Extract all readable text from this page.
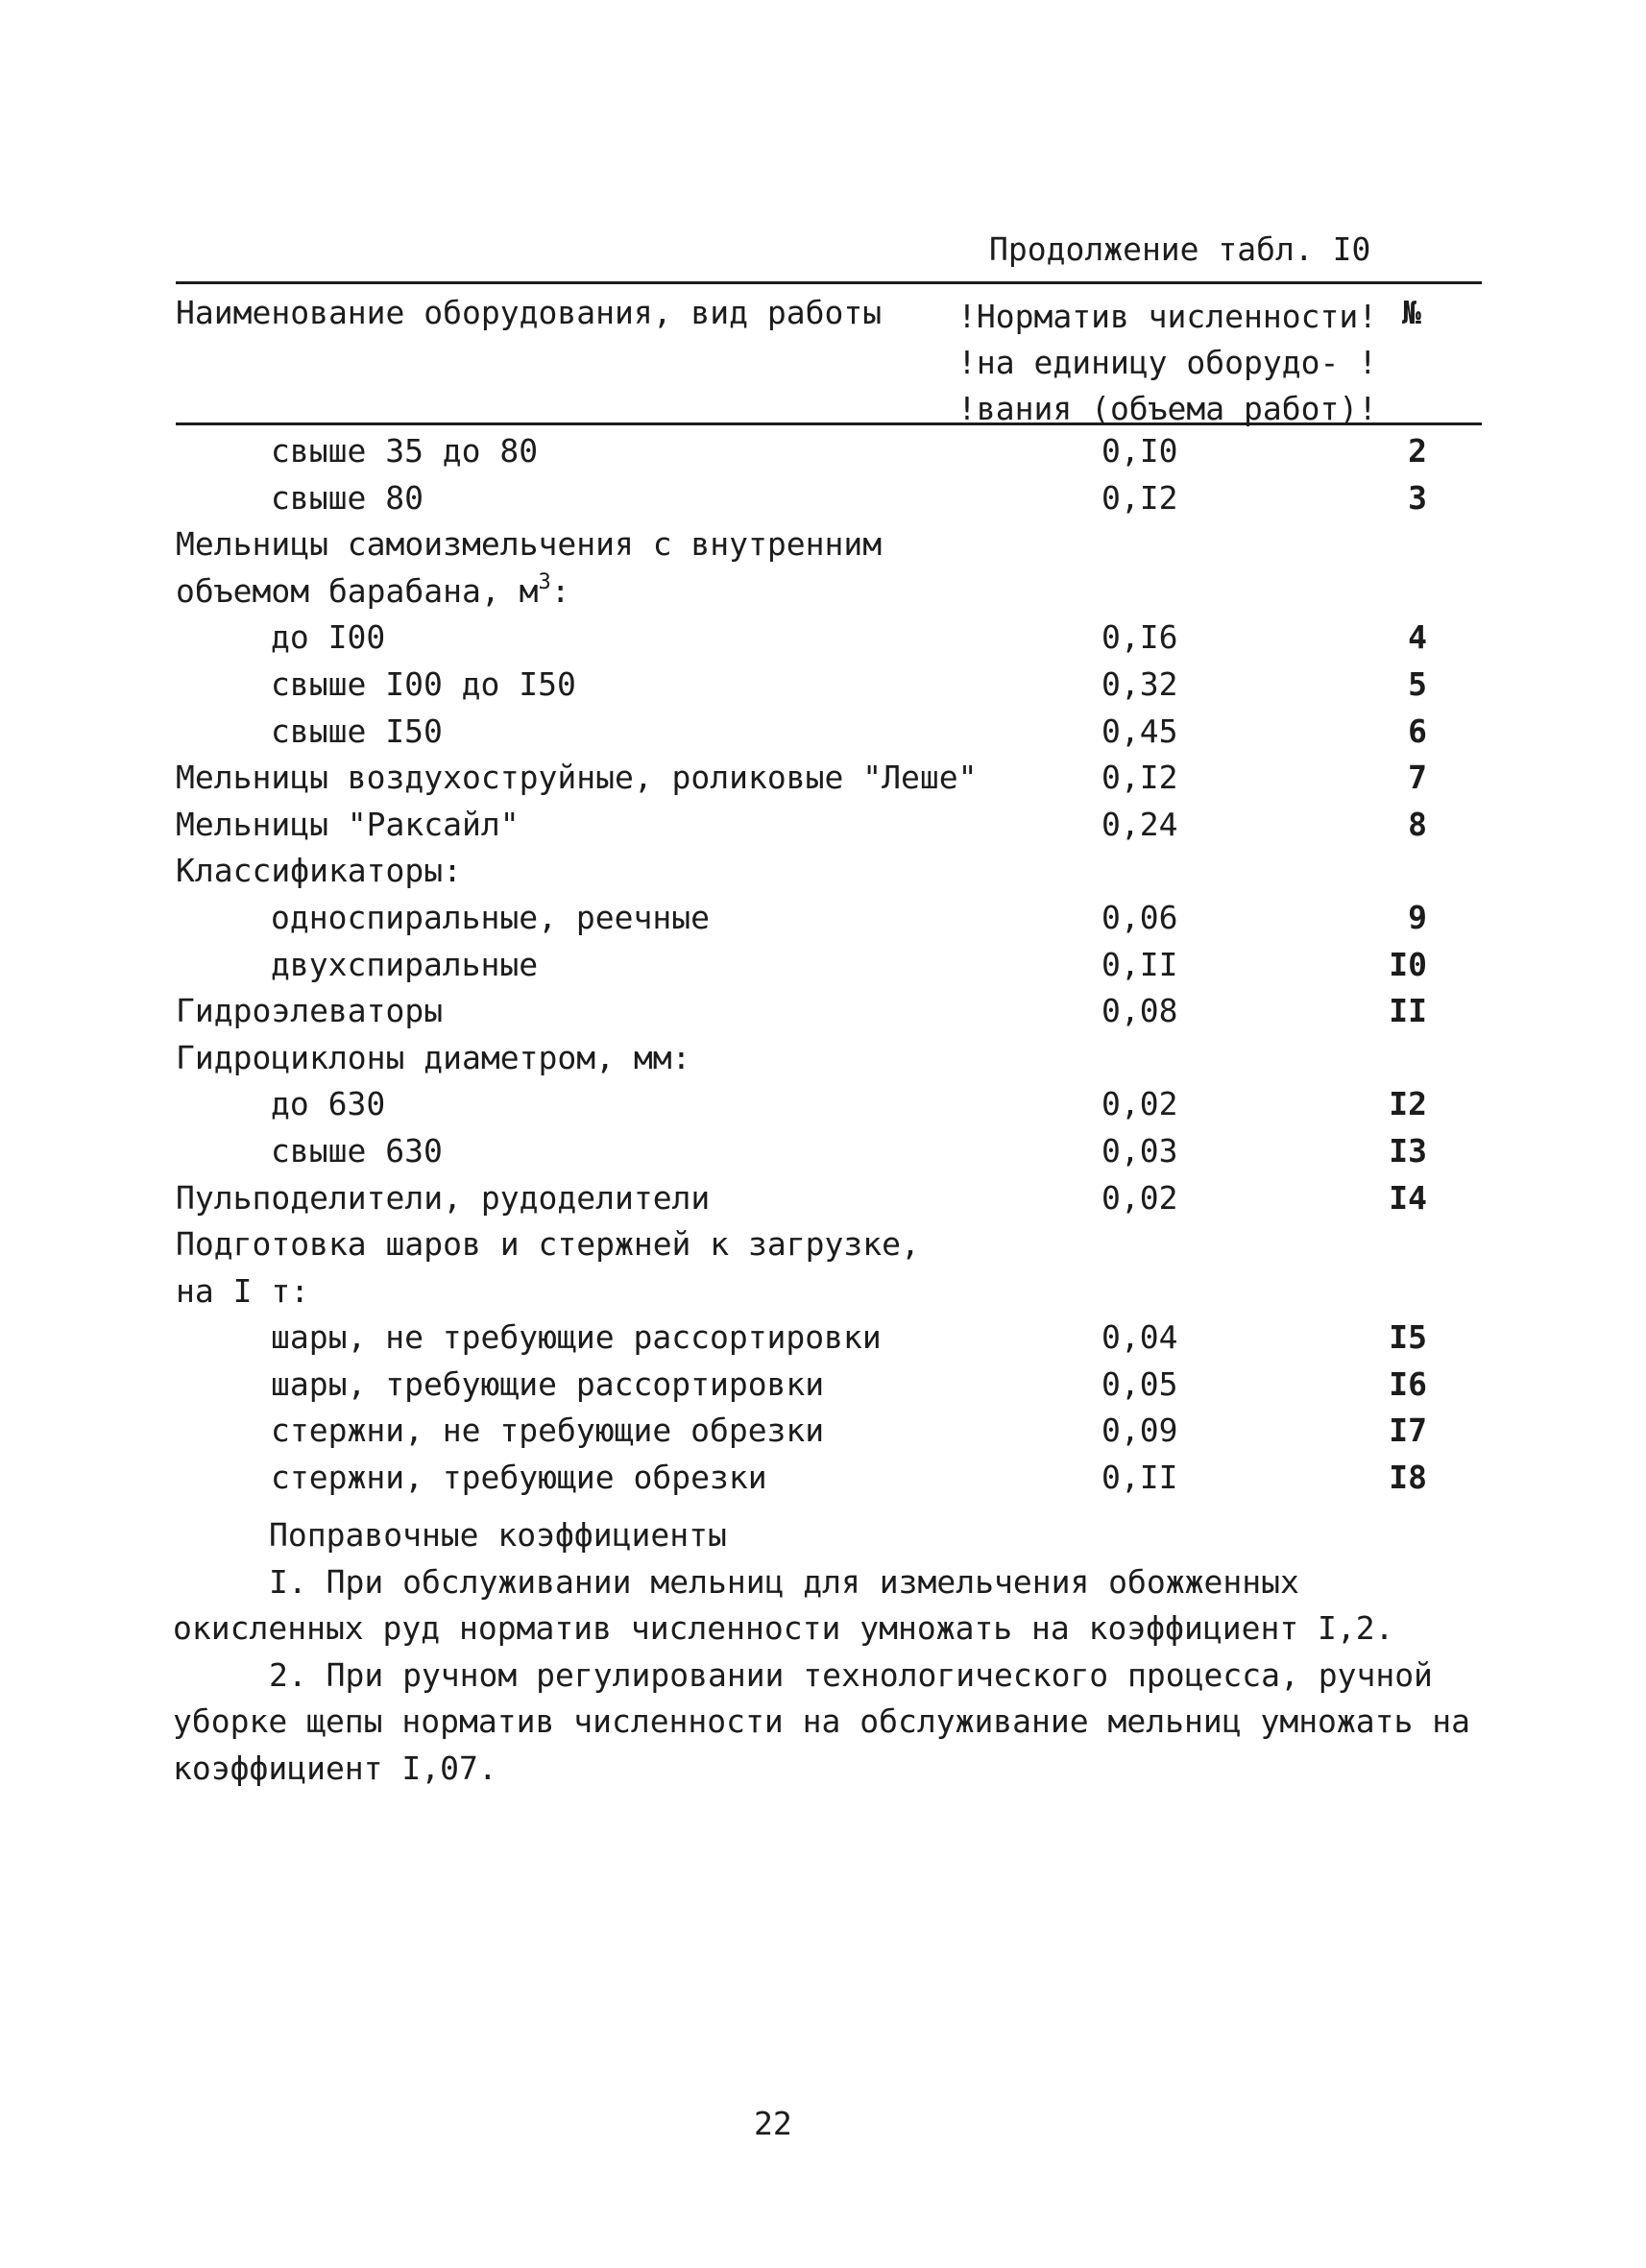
Продолжение табл. I0
Наименование оборудования, вид работы !Норматив численности!
!на единицу оборудо- !
!вания (объема работ)!
№
свыше 35 до 80	0,I0	2
свыше 80	0,I2	3
Мельницы самоизмельчения с внутренним
объемом барабана, $м^3$:
до I00	0,I6	4
свыше I00 до I50	0,32	5
свыше I50	0,45	6
Мельницы воздухоструйные, роликовые "Леше"	0,I2	7
Мельницы "Раксайл"	0,24	8
Классификаторы:
односпиральные, реечные	0,06	9
двухспиральные	0,II	I0
Гидроэлеваторы	0,08	II
Гидроциклоны диаметром, мм:
до 630	0,02	I2
свыше 630	0,03	I3
Пульподелители, рудоделители	0,02	I4
Подготовка шаров и стержней к загрузке,
на I т:
шары, не требующие рассортировки	0,04	I5
шары, требующие рассортировки	0,05	I6
стержни, не требующие обрезки	0,09	I7
стержни, требующие обрезки	0,II	I8
Поправочные коэффициенты
I. При обслуживании мельниц для измельчения обожженных окисленных руд норматив численности умножать на коэффициент I,2.
2. При ручном регулировании технологического процесса, ручной уборке щепы норматив численности на обслуживание мельниц умножать на коэффициент I,07.
22
